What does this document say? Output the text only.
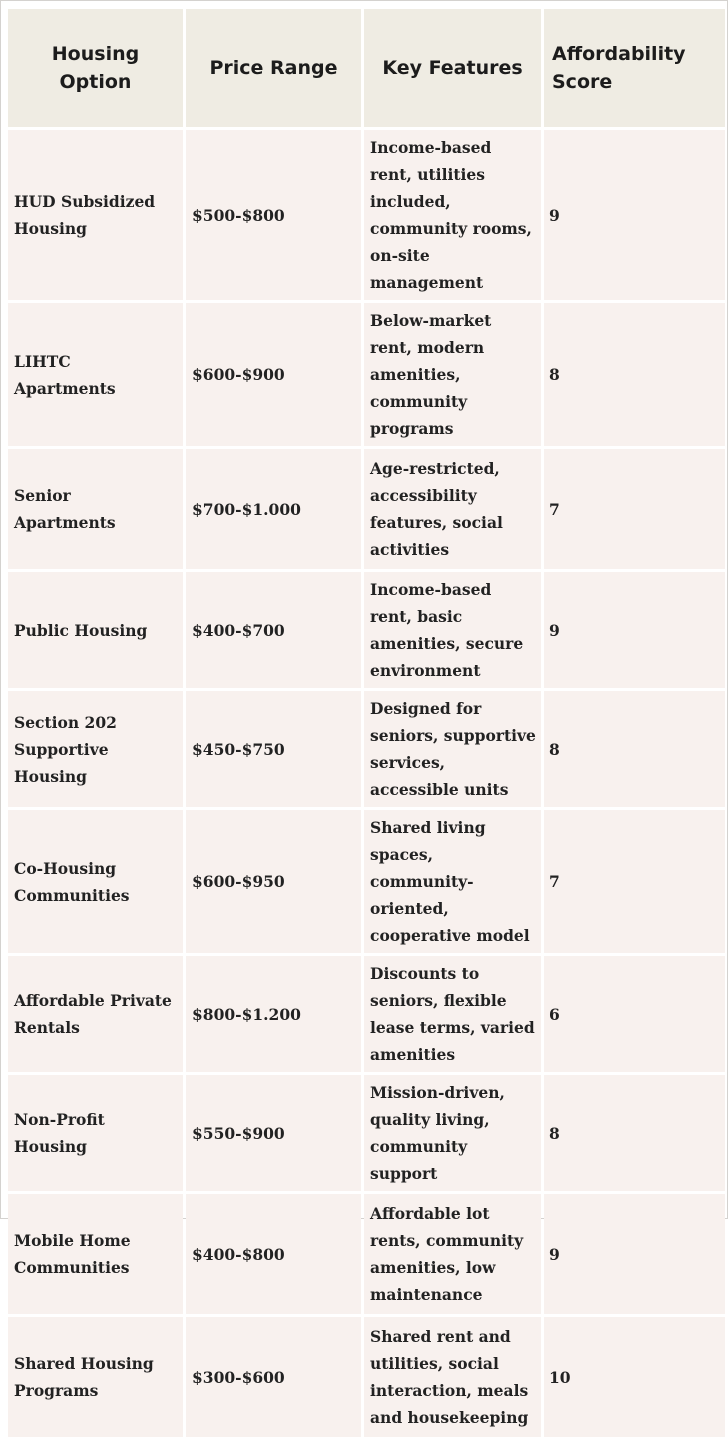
Housing Option	Price Range	Key Features	Affordability Score
HUD Subsidized Housing	$500-$800	Income-based rent, utilities included, community rooms, on-site management	9
LIHTC Apartments	$600-$900	Below-market rent, modern amenities, community programs	8
Senior Apartments	$700-$1.000	Age-restricted, accessibility features, social activities	7
Public Housing	$400-$700	Income-based rent, basic amenities, secure environment	9
Section 202 Supportive Housing	$450-$750	Designed for seniors, supportive services, accessible units	8
Co-Housing Communities	$600-$950	Shared living spaces, community-oriented, cooperative model	7
Affordable Private Rentals	$800-$1.200	Discounts to seniors, flexible lease terms, varied amenities	6
Non-Profit Housing	$550-$900	Mission-driven, quality living, community support	8
Mobile Home Communities	$400-$800	Affordable lot rents, community amenities, low maintenance	9
Shared Housing Programs	$300-$600	Shared rent and utilities, social interaction, meals and housekeeping	10
